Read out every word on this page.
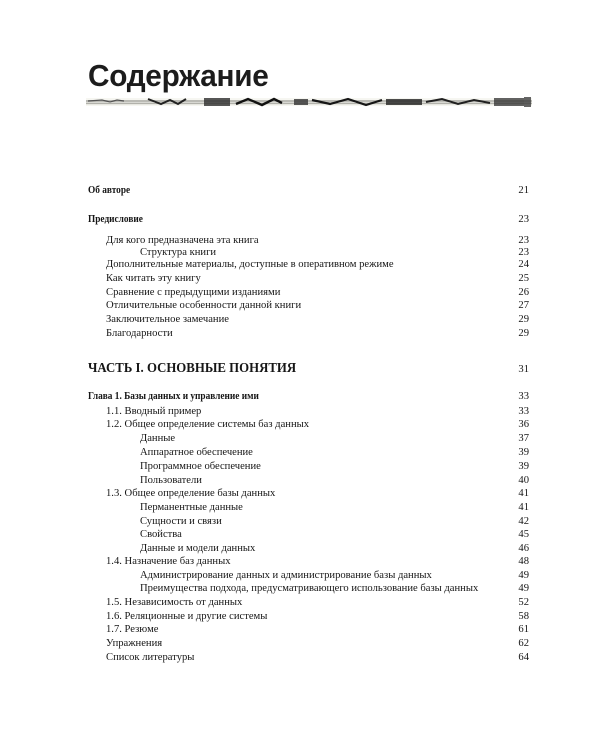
Содержание
Об авторе	21
Предисловие	23
Для кого предназначена эта книга	23
Структура книги	23
Дополнительные материалы, доступные в оперативном режиме	24
Как читать эту книгу	25
Сравнение с предыдущими изданиями	26
Отличительные особенности данной книги	27
Заключительное замечание	29
Благодарности	29
ЧАСТЬ I. ОСНОВНЫЕ ПОНЯТИЯ	31
Глава 1. Базы данных и управление ими	33
1.1. Вводный пример	33
1.2. Общее определение системы баз данных	36
Данные	37
Аппаратное обеспечение	39
Программное обеспечение	39
Пользователи	40
1.3. Общее определение базы данных	41
Перманентные данные	41
Сущности и связи	42
Свойства	45
Данные и модели данных	46
1.4. Назначение баз данных	48
Администрирование данных и администрирование базы данных	49
Преимущества подхода, предусматривающего использование базы данных	49
1.5. Независимость от данных	52
1.6. Реляционные и другие системы	58
1.7. Резюме	61
Упражнения	62
Список литературы	64
